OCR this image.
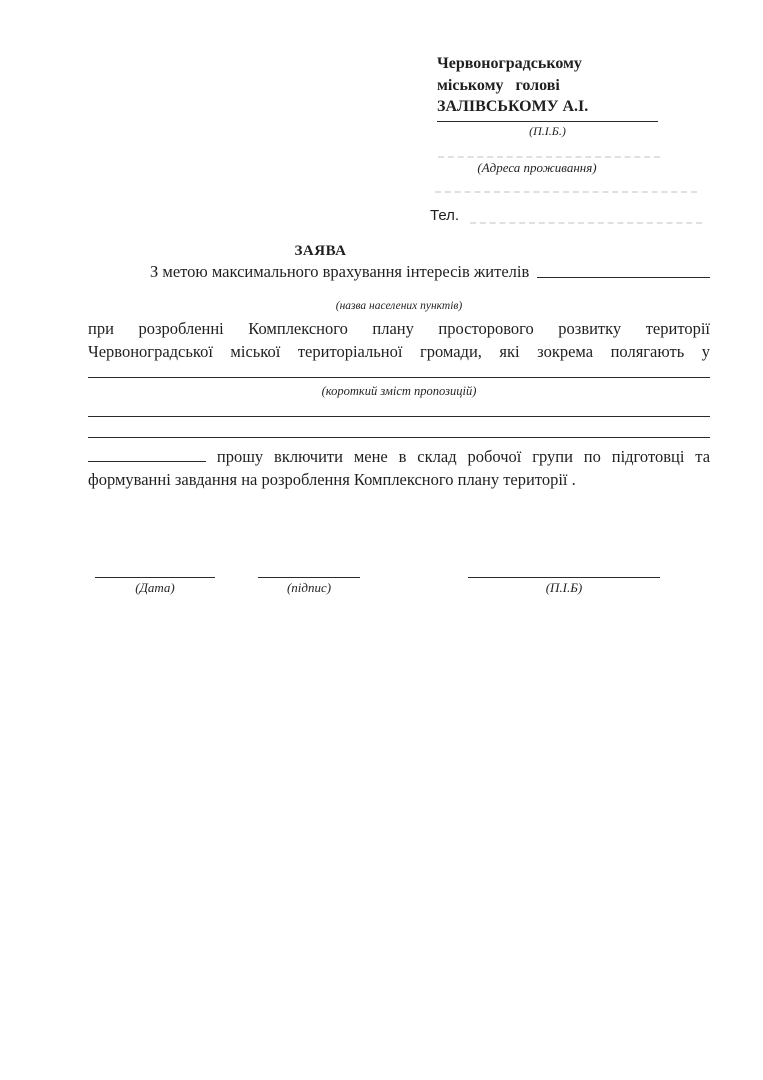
Червоноградському
міському   голові
ЗАЛІВСЬКОМУ А.І.
(П.І.Б.)
(Адреса проживання)
Тел.
ЗАЯВА
З метою максимального врахування інтересів жителів
(назва населених пунктів)
при розробленні Комплексного плану просторового розвитку території
Червоноградської міської територіальної громади, які зокрема полягають у
(короткий зміст пропозицій)
прошу включити мене в склад робочої групи по підготовці та
формуванні завдання на розроблення Комплексного плану території .
(Дата)	(підпис)	(П.І.Б)
